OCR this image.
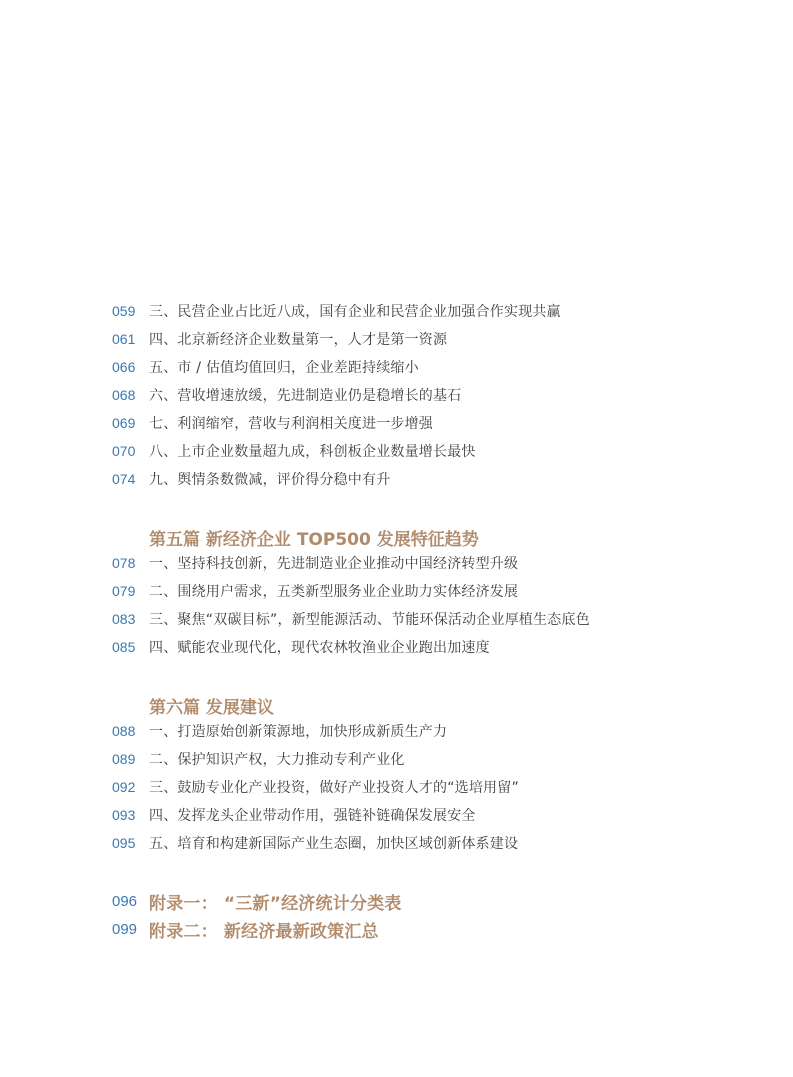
059 三、民营企业占比近八成，国有企业和民营企业加强合作实现共赢
061 四、北京新经济企业数量第一，人才是第一资源
066 五、市 / 估值均值回归，企业差距持续缩小
068 六、营收增速放缓，先进制造业仍是稳增长的基石
069 七、利润缩窄，营收与利润相关度进一步增强
070 八、上市企业数量超九成，科创板企业数量增长最快
074 九、舆情条数微减，评价得分稳中有升
第五篇 新经济企业 TOP500 发展特征趋势
078 一、坚持科技创新，先进制造业企业推动中国经济转型升级
079 二、围绕用户需求，五类新型服务业企业助力实体经济发展
083 三、聚焦“双碳目标”，新型能源活动、节能环保活动企业厚植生态底色
085 四、赋能农业现代化，现代农林牧渔业企业跑出加速度
第六篇 发展建议
088 一、打造原始创新策源地，加快形成新质生产力
089 二、保护知识产权，大力推动专利产业化
092 三、鼓励专业化产业投资，做好产业投资人才的“选培用留”
093 四、发挥龙头企业带动作用，强链补链确保发展安全
095 五、培育和构建新国际产业生态圈，加快区域创新体系建设
096 附录一： “三新”经济统计分类表
099 附录二： 新经济最新政策汇总
